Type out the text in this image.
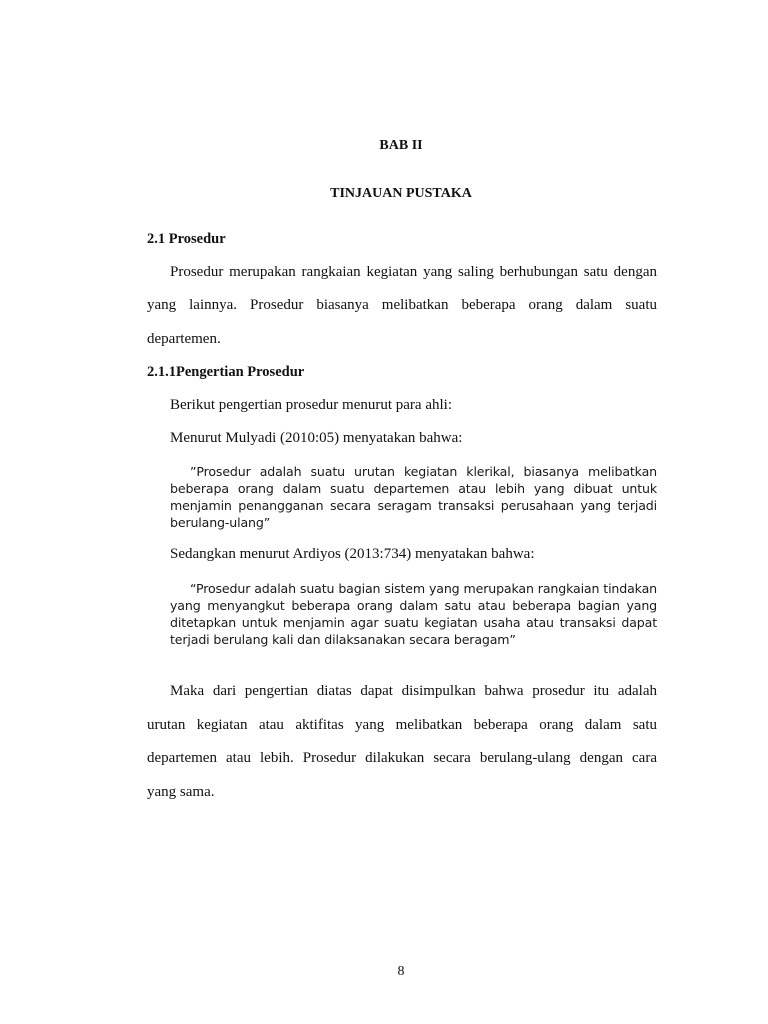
BAB II

TINJAUAN PUSTAKA

2.1 Prosedur

Prosedur merupakan rangkaian kegiatan yang saling berhubungan satu dengan

yang lainnya. Prosedur biasanya melibatkan beberapa orang dalam suatu

departemen.

2.1.1Pengertian Prosedur

Berikut pengertian prosedur menurut para ahli:

Menurut Mulyadi (2010:05) menyatakan bahwa:

”Prosedur adalah suatu urutan kegiatan klerikal, biasanya melibatkan
beberapa orang dalam suatu departemen atau lebih yang dibuat untuk
menjamin penangganan secara seragam transaksi perusahaan yang terjadi
berulang-ulang”

Sedangkan menurut Ardiyos (2013:734) menyatakan bahwa:

“Prosedur adalah suatu bagian sistem yang merupakan rangkaian tindakan
yang menyangkut beberapa orang dalam satu atau beberapa bagian yang
ditetapkan untuk menjamin agar suatu kegiatan usaha atau transaksi dapat
terjadi berulang kali dan dilaksanakan secara beragam”

Maka dari pengertian diatas dapat disimpulkan bahwa prosedur itu adalah

urutan kegiatan atau aktifitas yang melibatkan beberapa orang dalam satu

departemen atau lebih. Prosedur dilakukan secara berulang-ulang dengan cara

yang sama.

8
